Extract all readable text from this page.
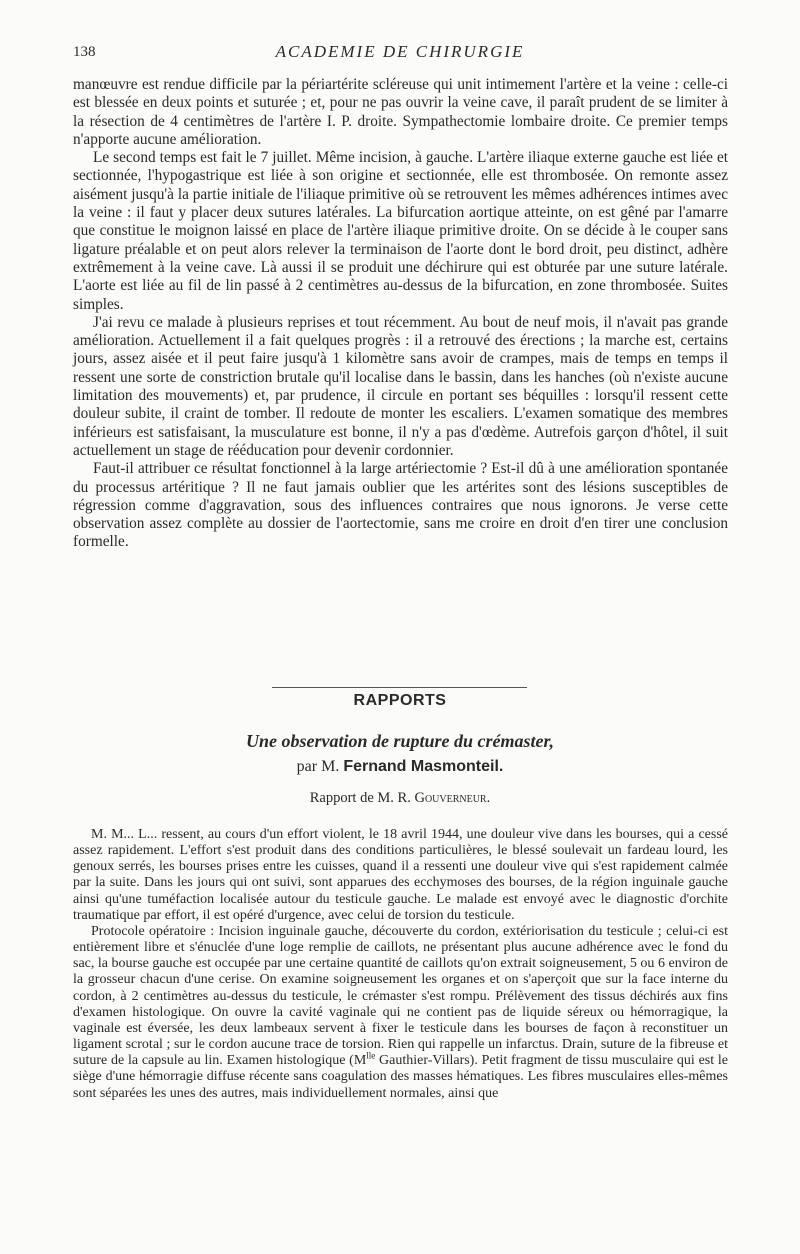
138	ACADEMIE DE CHIRURGIE

manœuvre est rendue difficile par la périartérite scléreuse qui unit intimement l'artère et la veine : celle-ci est blessée en deux points et suturée ; et, pour ne pas ouvrir la veine cave, il paraît prudent de se limiter à la résection de 4 centimètres de l'artère I. P. droite. Sympathectomie lombaire droite. Ce premier temps n'apporte aucune amélioration.

Le second temps est fait le 7 juillet. Même incision, à gauche. L'artère iliaque externe gauche est liée et sectionnée, l'hypogastrique est liée à son origine et sectionnée, elle est thrombosée. On remonte assez aisément jusqu'à la partie initiale de l'iliaque primitive où se retrouvent les mêmes adhérences intimes avec la veine : il faut y placer deux sutures latérales. La bifurcation aortique atteinte, on est gêné par l'amarre que constitue le moignon laissé en place de l'artère iliaque primitive droite. On se décide à le couper sans ligature préalable et on peut alors relever la terminaison de l'aorte dont le bord droit, peu distinct, adhère extrêmement à la veine cave. Là aussi il se produit une déchirure qui est obturée par une suture latérale. L'aorte est liée au fil de lin passé à 2 centimètres au-dessus de la bifurcation, en zone thrombosée. Suites simples.

J'ai revu ce malade à plusieurs reprises et tout récemment. Au bout de neuf mois, il n'avait pas grande amélioration. Actuellement il a fait quelques progrès : il a retrouvé des érections ; la marche est, certains jours, assez aisée et il peut faire jusqu'à 1 kilomètre sans avoir de crampes, mais de temps en temps il ressent une sorte de constriction brutale qu'il localise dans le bassin, dans les hanches (où n'existe aucune limitation des mouvements) et, par prudence, il circule en portant ses béquilles : lorsqu'il ressent cette douleur subite, il craint de tomber. Il redoute de monter les escaliers. L'examen somatique des membres inférieurs est satisfaisant, la musculature est bonne, il n'y a pas d'œdème. Autrefois garçon d'hôtel, il suit actuellement un stage de rééducation pour devenir cordonnier.

Faut-il attribuer ce résultat fonctionnel à la large artériectomie ? Est-il dû à une amélioration spontanée du processus artéritique ? Il ne faut jamais oublier que les artérites sont des lésions susceptibles de régression comme d'aggravation, sous des influences contraires que nous ignorons. Je verse cette observation assez complète au dossier de l'aortectomie, sans me croire en droit d'en tirer une conclusion formelle.

RAPPORTS
Une observation de rupture du crémaster,
par M. Fernand Masmonteil.
Rapport de M. R. Gouverneur.

M. M... L... ressent, au cours d'un effort violent, le 18 avril 1944, une douleur vive dans les bourses, qui a cessé assez rapidement. L'effort s'est produit dans des conditions particulières, le blessé soulevait un fardeau lourd, les genoux serrés, les bourses prises entre les cuisses, quand il a ressenti une douleur vive qui s'est rapidement calmée par la suite. Dans les jours qui ont suivi, sont apparues des ecchymoses des bourses, de la région inguinale gauche ainsi qu'une tuméfaction localisée autour du testicule gauche. Le malade est envoyé avec le diagnostic d'orchite traumatique par effort, il est opéré d'urgence, avec celui de torsion du testicule.

Protocole opératoire : Incision inguinale gauche, découverte du cordon, extériorisation du testicule ; celui-ci est entièrement libre et s'énuclée d'une loge remplie de caillots, ne présentant plus aucune adhérence avec le fond du sac, la bourse gauche est occupée par une certaine quantité de caillots qu'on extrait soigneusement, 5 ou 6 environ de la grosseur chacun d'une cerise. On examine soigneusement les organes et on s'aperçoit que sur la face interne du cordon, à 2 centimètres au-dessus du testicule, le crémaster s'est rompu. Prélèvement des tissus déchirés aux fins d'examen histologique. On ouvre la cavité vaginale qui ne contient pas de liquide séreux ou hémorragique, la vaginale est éversée, les deux lambeaux servent à fixer le testicule dans les bourses de façon à reconstituer un ligament scrotal ; sur le cordon aucune trace de torsion. Rien qui rappelle un infarctus. Drain, suture de la fibreuse et suture de la capsule au lin. Examen histologique ($M^{lle}$ Gauthier-Villars). Petit fragment de tissu musculaire qui est le siège d'une hémorragie diffuse récente sans coagulation des masses hématiques. Les fibres musculaires elles-mêmes sont séparées les unes des autres, mais individuellement normales, ainsi que
